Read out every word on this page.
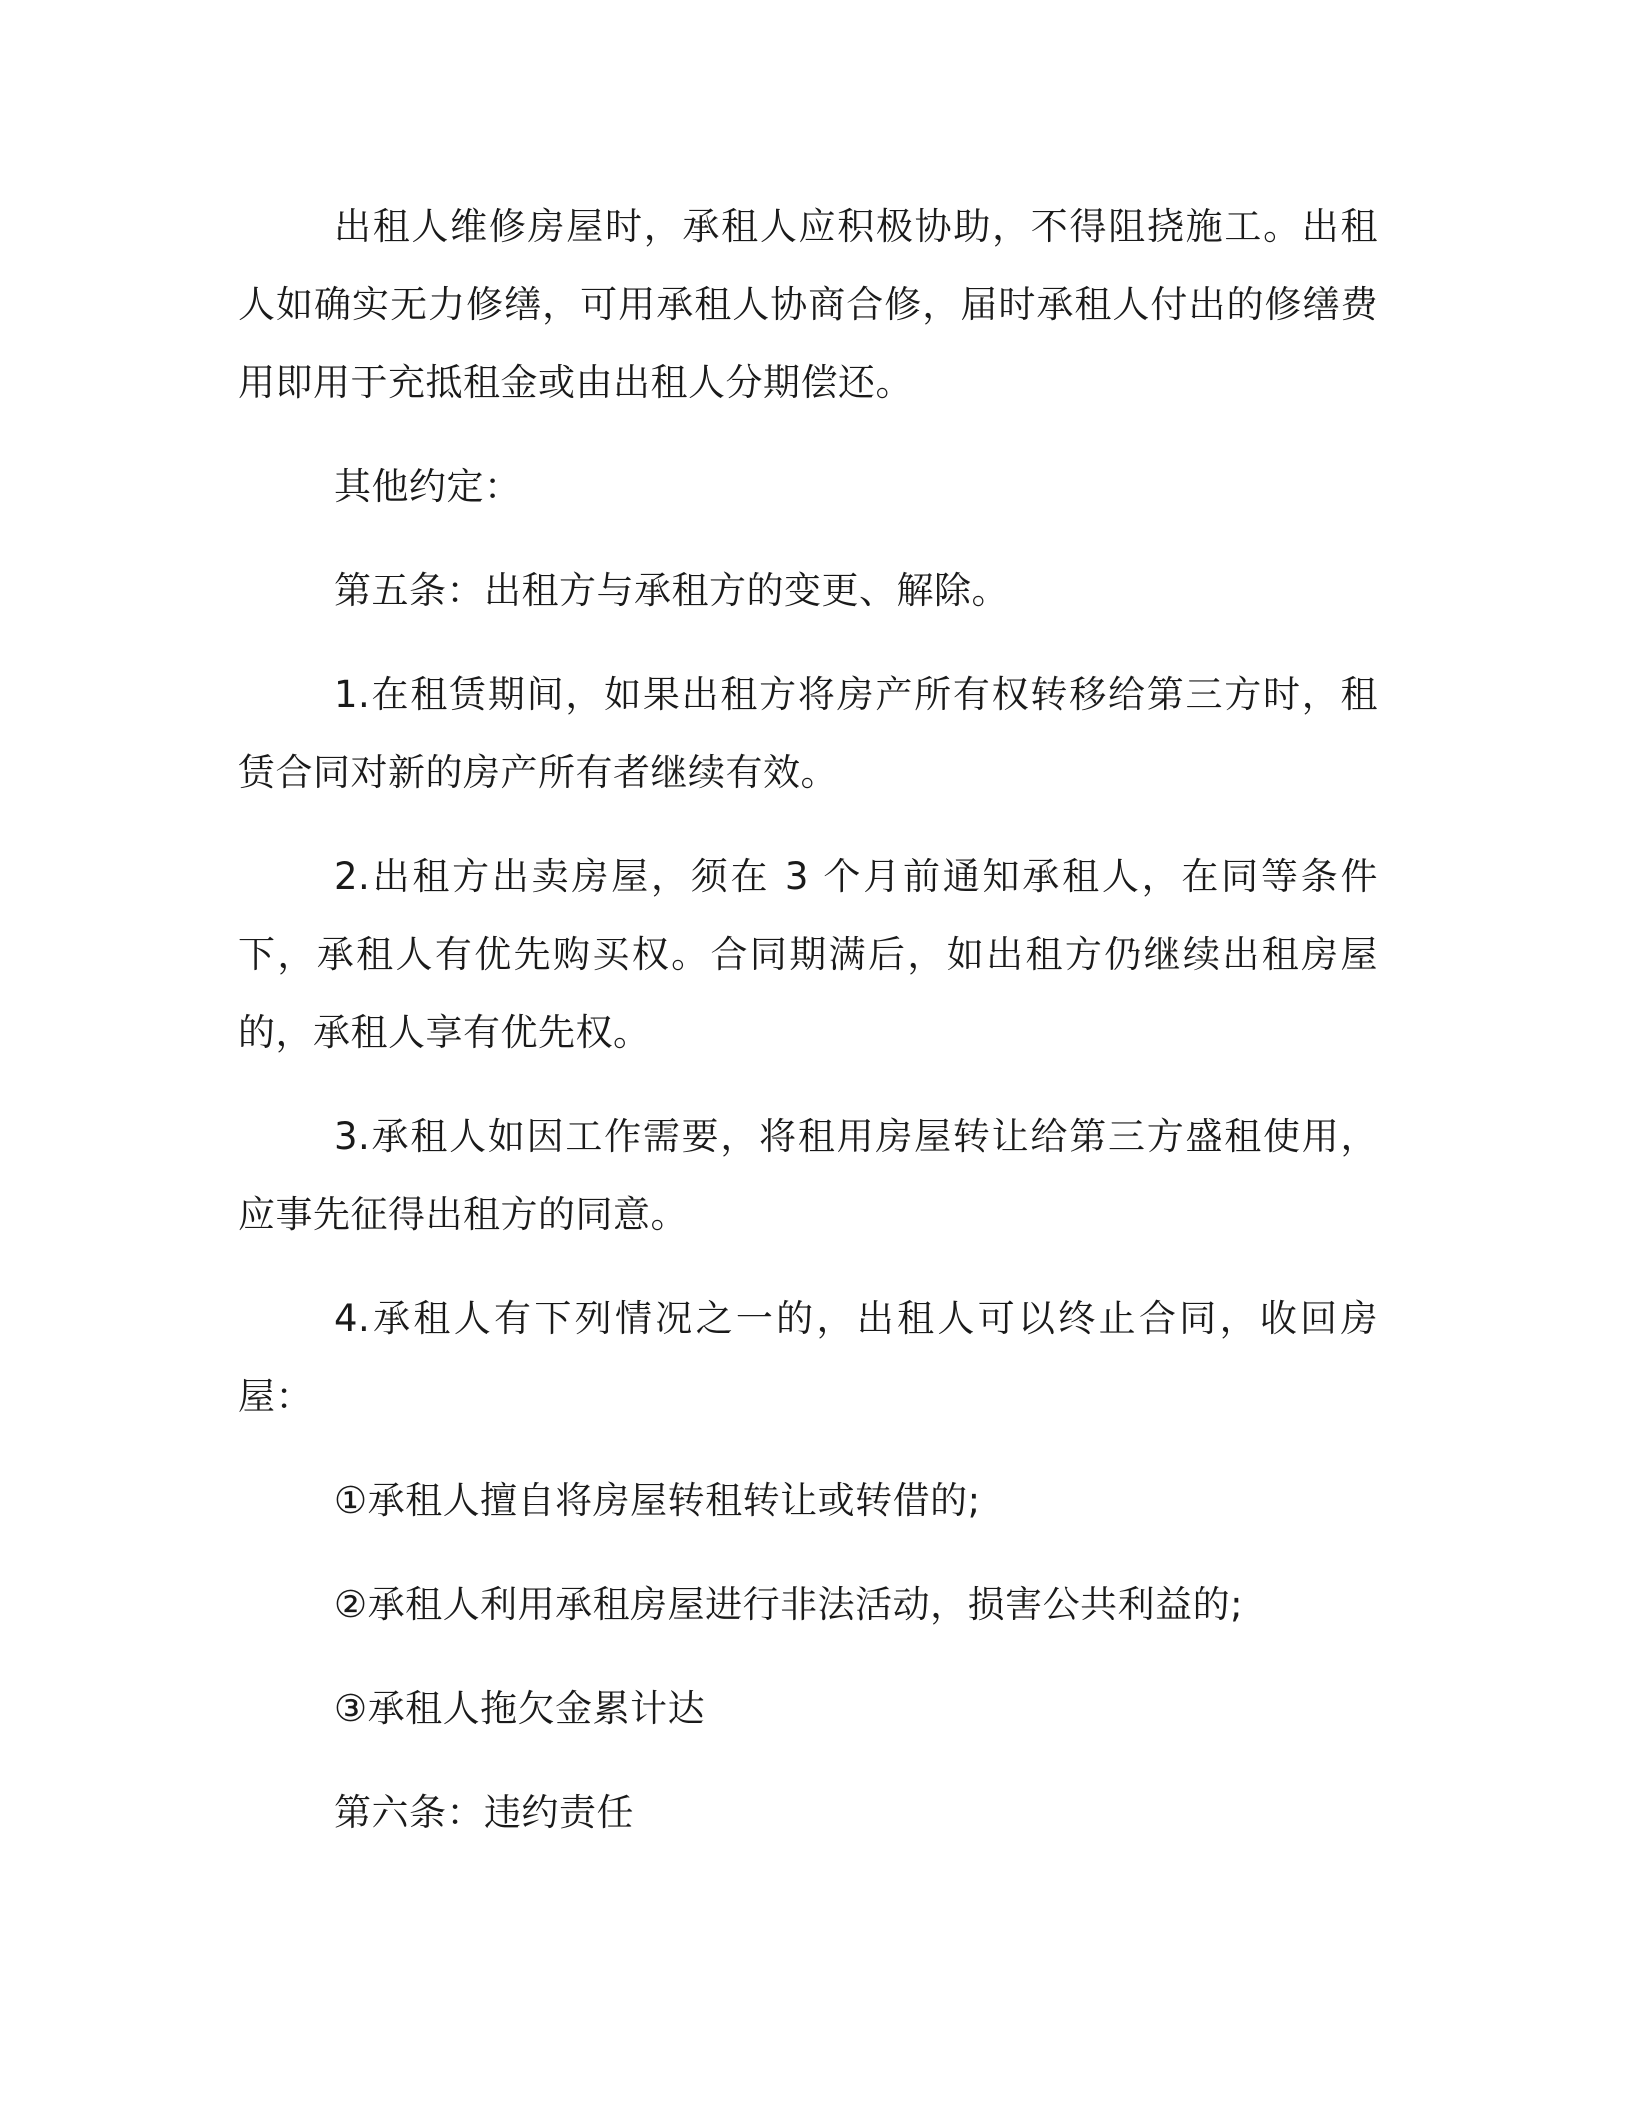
出租人维修房屋时，承租人应积极协助，不得阻挠施工。出租人如确实无力修缮，可用承租人协商合修，届时承租人付出的修缮费用即用于充抵租金或由出租人分期偿还。

其他约定：

第五条：出租方与承租方的变更、解除。

1.在租赁期间，如果出租方将房产所有权转移给第三方时，租赁合同对新的房产所有者继续有效。

2.出租方出卖房屋，须在 3 个月前通知承租人，在同等条件下，承租人有优先购买权。合同期满后，如出租方仍继续出租房屋的，承租人享有优先权。

3.承租人如因工作需要，将租用房屋转让给第三方盛租使用，应事先征得出租方的同意。

4.承租人有下列情况之一的，出租人可以终止合同，收回房屋：

①承租人擅自将房屋转租转让或转借的;

②承租人利用承租房屋进行非法活动，损害公共利益的;

③承租人拖欠金累计达

第六条：违约责任
